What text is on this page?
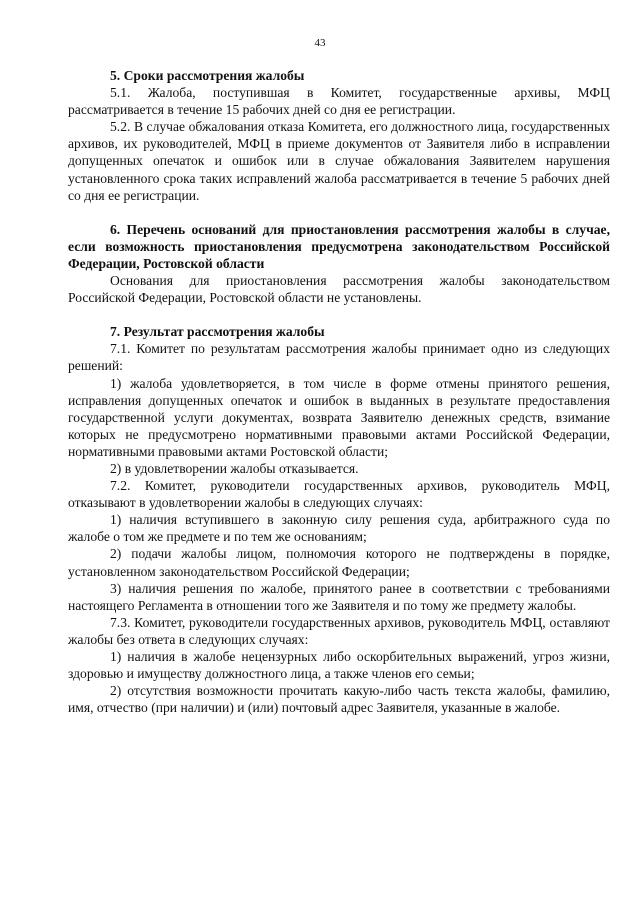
43

5. Сроки рассмотрения жалобы

5.1. Жалоба, поступившая в Комитет, государственные архивы, МФЦ рассматривается в течение 15 рабочих дней со дня ее регистрации.

5.2. В случае обжалования отказа Комитета, его должностного лица, государственных архивов, их руководителей, МФЦ в приеме документов от Заявителя либо в исправлении допущенных опечаток и ошибок или в случае обжалования Заявителем нарушения установленного срока таких исправлений жалоба рассматривается в течение 5 рабочих дней со дня ее регистрации.

6. Перечень оснований для приостановления рассмотрения жалобы в случае, если возможность приостановления предусмотрена законодательством Российской Федерации, Ростовской области

Основания для приостановления рассмотрения жалобы законодательством Российской Федерации, Ростовской области не установлены.

7. Результат рассмотрения жалобы

7.1. Комитет по результатам рассмотрения жалобы принимает одно из следующих решений:

1) жалоба удовлетворяется, в том числе в форме отмены принятого решения, исправления допущенных опечаток и ошибок в выданных в результате предоставления государственной услуги документах, возврата Заявителю денежных средств, взимание которых не предусмотрено нормативными правовыми актами Российской Федерации, нормативными правовыми актами Ростовской области;

2) в удовлетворении жалобы отказывается.

7.2. Комитет, руководители государственных архивов, руководитель МФЦ, отказывают в удовлетворении жалобы в следующих случаях:

1) наличия вступившего в законную силу решения суда, арбитражного суда по жалобе о том же предмете и по тем же основаниям;

2) подачи жалобы лицом, полномочия которого не подтверждены в порядке, установленном законодательством Российской Федерации;

3) наличия решения по жалобе, принятого ранее в соответствии с требованиями настоящего Регламента в отношении того же Заявителя и по тому же предмету жалобы.

7.3. Комитет, руководители государственных архивов, руководитель МФЦ, оставляют жалобы без ответа в следующих случаях:

1) наличия в жалобе нецензурных либо оскорбительных выражений, угроз жизни, здоровью и имуществу должностного лица, а также членов его семьи;

2) отсутствия возможности прочитать какую-либо часть текста жалобы, фамилию, имя, отчество (при наличии) и (или) почтовый адрес Заявителя, указанные в жалобе.
